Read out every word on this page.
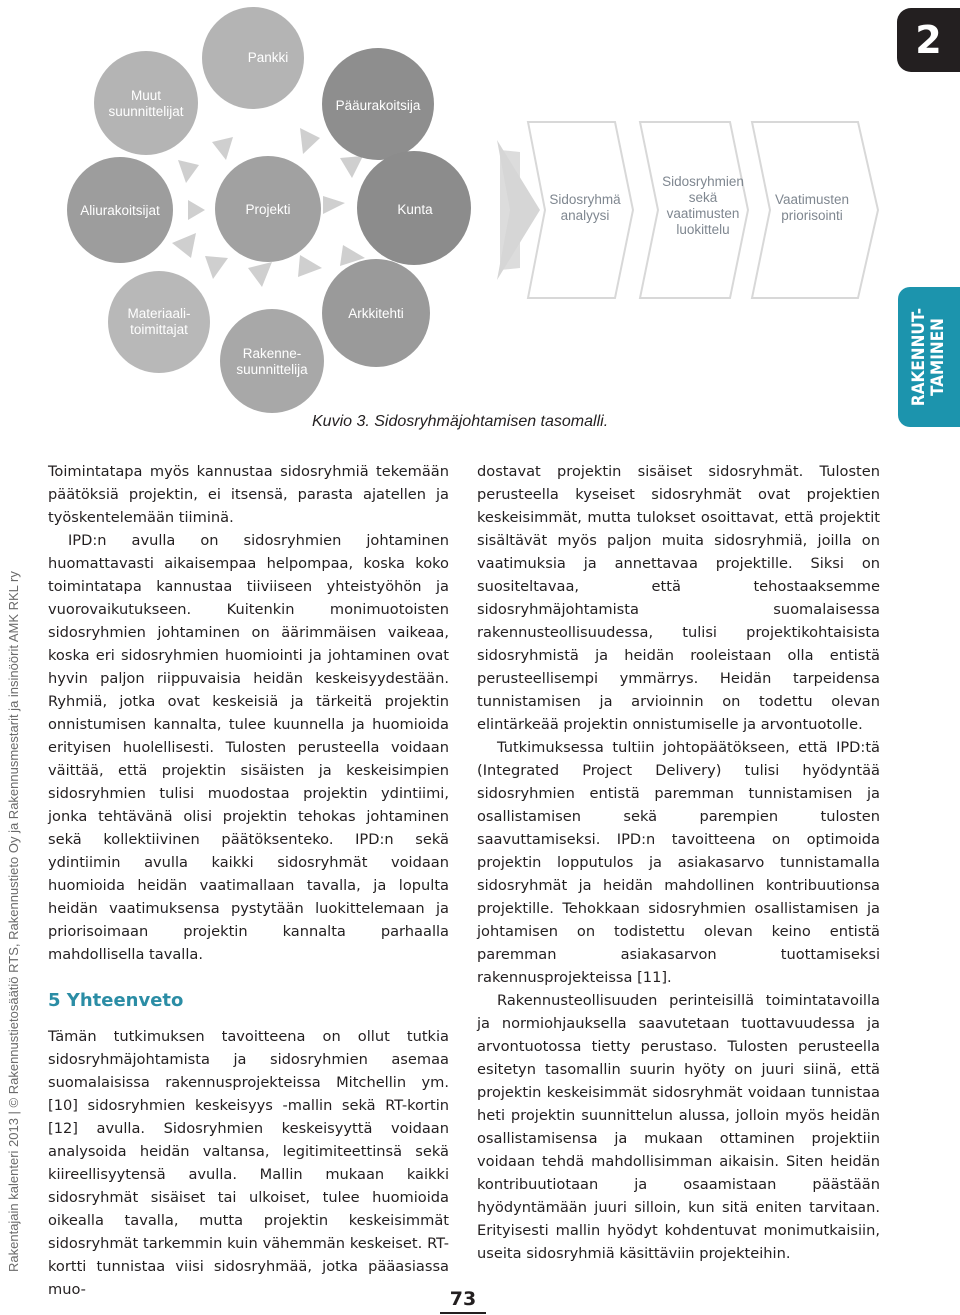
2
RAKENNUT- TAMINEN
Rakentajain kalenteri 2013 | © Rakennustietosäätiö RTS, Rakennustieto Oy ja Rakennusmestarit ja insinöörit AMK RKL ry
Pankki
Muut
suunnittelijat	Pääurakoitsija
Aliurakoitsijat	Projekti	Kunta
Materiaali-
toimittajat
Arkkitehti
Rakenne-
suunnittelija
Sidosryhmä
analyysi
Sidosryhmien
sekä
vaatimusten
luokittelu
Vaatimusten
priorisointi
Kuvio 3. Sidosryhmäjohtamisen tasomalli.

Toimintatapa myös kannustaa sidosryhmiä tekemään päätöksiä projektin, ei itsensä, parasta ajatellen ja työskentelemään tiiminä.

IPD:n avulla on sidosryhmien johtaminen huomattavasti aikaisempaa helpompaa, koska koko toimintatapa kannustaa tiiviiseen yhteistyöhön ja vuorovaikutukseen. Kuitenkin monimuotoisten sidosryhmien johtaminen on äärimmäisen vaikeaa, koska eri sidosryhmien huomiointi ja johtaminen ovat hyvin paljon riippuvaisia heidän keskeisyydestään. Ryhmiä, jotka ovat keskeisiä ja tärkeitä projektin onnistumisen kannalta, tulee kuunnella ja huomioida erityisen huolellisesti. Tulosten perusteella voidaan väittää, että projektin sisäisten ja keskeisimpien sidosryhmien tulisi muodostaa projektin ydintiimi, jonka tehtävänä olisi projektin tehokas johtaminen sekä kollektiivinen päätöksenteko. IPD:n sekä ydintiimin avulla kaikki sidosryhmät voidaan huomioida heidän vaatimallaan tavalla, ja lopulta heidän vaatimuksensa pystytään luokittelemaan ja priorisoimaan projektin kannalta parhaalla mahdollisella tavalla.

5 Yhteenveto

Tämän tutkimuksen tavoitteena on ollut tutkia sidosryhmäjohtamista ja sidosryhmien asemaa suomalaisissa rakennusprojekteissa Mitchellin ym. [10] sidosryhmien keskeisyys -mallin sekä RT-kortin [12] avulla. Sidosryhmien keskeisyyttä voidaan analysoida heidän valtansa, legitimiteettinsä sekä kiireellisyytensä avulla. Mallin mukaan kaikki sidosryhmät sisäiset tai ulkoiset, tulee huomioida oikealla tavalla, mutta projektin keskeisimmät sidosryhmät tarkemmin kuin vähemmän keskeiset. RT-kortti tunnistaa viisi sidosryhmää, jotka pääasiassa muo-

dostavat projektin sisäiset sidosryhmät. Tulosten perusteella kyseiset sidosryhmät ovat projektien keskeisimmät, mutta tulokset osoittavat, että projektit sisältävät myös paljon muita sidosryhmiä, joilla on vaatimuksia ja annettavaa projektille. Siksi on suositeltavaa, että tehostaaksemme sidosryhmäjohtamista suomalaisessa rakennusteollisuudessa, tulisi projektikohtaisista sidosryhmistä ja heidän rooleistaan olla entistä perusteellisempi ymmärrys. Heidän tarpeidensa tunnistamisen ja arvioinnin on todettu olevan elintärkeää projektin onnistumiselle ja arvontuotolle.

Tutkimuksessa tultiin johtopäätökseen, että IPD:tä (Integrated Project Delivery) tulisi hyödyntää sidosryhmien entistä paremman tunnistamisen ja osallistamisen sekä parempien tulosten saavuttamiseksi. IPD:n tavoitteena on optimoida projektin lopputulos ja asiakasarvo tunnistamalla sidosryhmät ja heidän mahdollinen kontribuutionsa projektille. Tehokkaan sidosryhmien osallistamisen ja johtamisen on todistettu olevan keino entistä paremman asiakasarvon tuottamiseksi rakennusprojekteissa [11].

Rakennusteollisuuden perinteisillä toimintatavoilla ja normiohjauksella saavutetaan tuottavuudessa ja arvontuotossa tietty perustaso. Tulosten perusteella esitetyn tasomallin suurin hyöty on juuri siinä, että projektin keskeisimmät sidosryhmät voidaan tunnistaa heti projektin suunnittelun alussa, jolloin myös heidän osallistamisensa ja mukaan ottaminen projektiin voidaan tehdä mahdollisimman aikaisin. Siten heidän kontribuutiotaan ja osaamistaan päästään hyödyntämään juuri silloin, kun sitä eniten tarvitaan. Erityisesti mallin hyödyt kohdentuvat monimutkaisiin, useita sidosryhmiä käsittäviin projekteihin.

73
